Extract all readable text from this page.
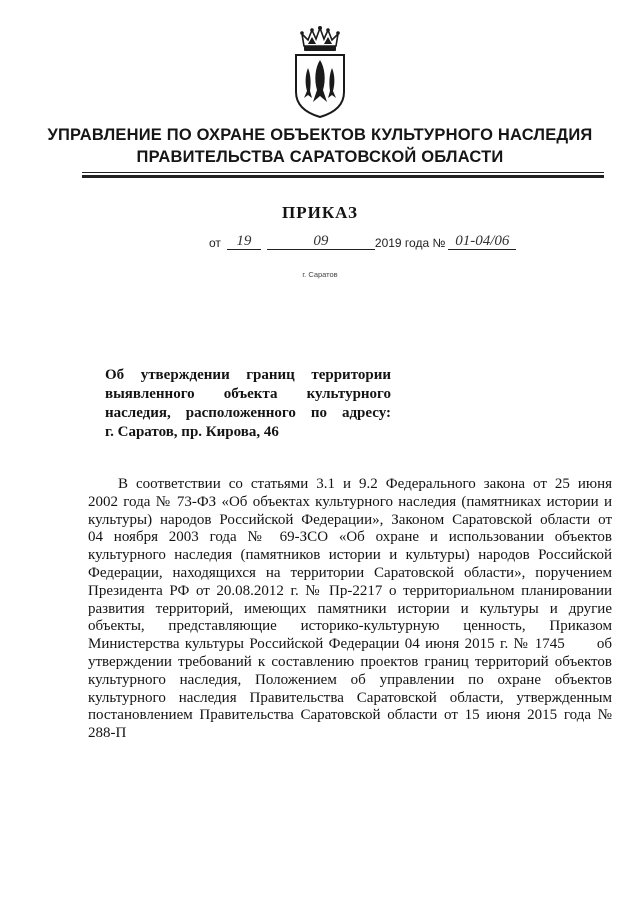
УПРАВЛЕНИЕ ПО ОХРАНЕ ОБЪЕКТОВ КУЛЬТУРНОГО НАСЛЕДИЯ
ПРАВИТЕЛЬСТВА САРАТОВСКОЙ ОБЛАСТИ
ПРИКАЗ
от 19	09	2019 года № 01-04/06
г. Саратов

Об утверждении границ территории

выявленного объекта культурного

наследия, расположенного по адресу:

г. Саратов, пр. Кирова, 46

В соответствии со статьями 3.1 и 9.2 Федерального закона от 25 июня

2002 года № 73-ФЗ «Об объектах культурного наследия (памятниках истории и

культуры) народов Российской Федерации», Законом Саратовской области от

04 ноября 2003 года № 69-ЗСО «Об охране и использовании объектов

культурного наследия (памятников истории и культуры) народов Российской

Федерации, находящихся на территории Саратовской области», поручением

Президента РФ от 20.08.2012 г. № Пр-2217 о территориальном планировании

развития территорий, имеющих памятники истории и культуры и другие

объекты, представляющие историко-культурную ценность, Приказом

Министерства культуры Российской Федерации 04 июня 2015 г. № 1745      об

утверждении требований к составлению проектов границ территорий объектов

культурного наследия, Положением об управлении по охране объектов

культурного наследия Правительства Саратовской области, утвержденным

постановлением Правительства Саратовской области от 15 июня 2015 года №

288-П
